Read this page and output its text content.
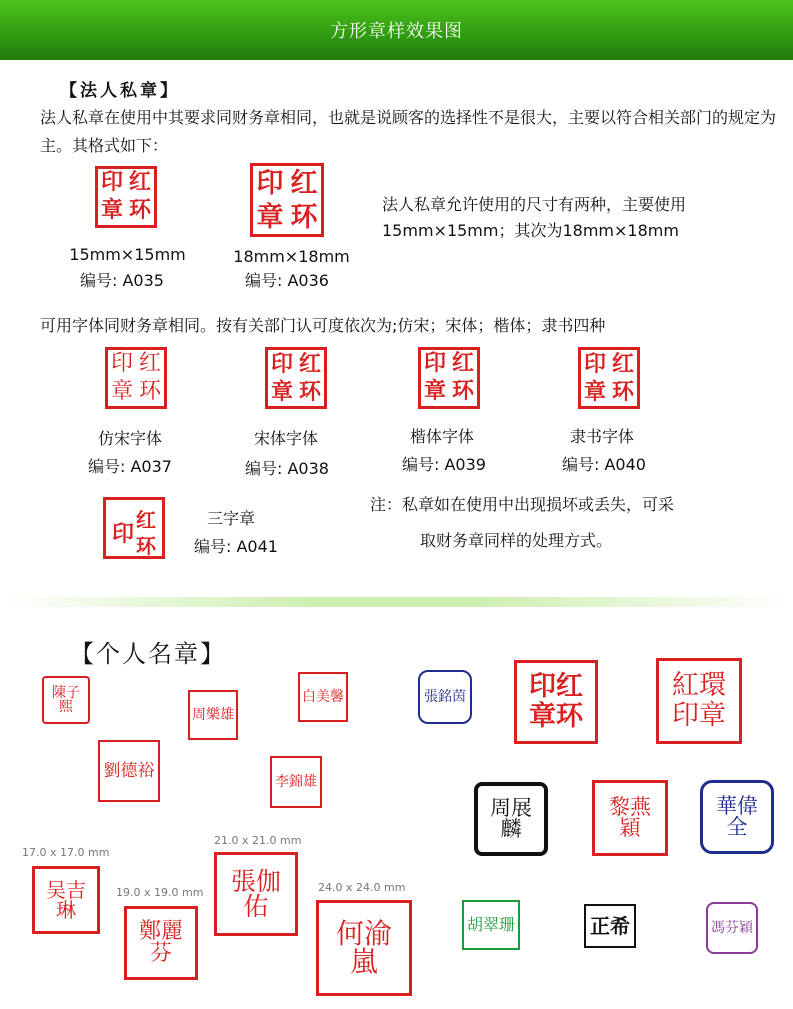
方形章样效果图
【法人私章】
法人私章在使用中其要求同财务章相同，也就是说顾客的选择性不是很大，主要以符合相关部门的规定为主。其格式如下：
印 红
章 环
15mm×15mm
编号: A035
印 红
章 环
18mm×18mm
编号: A036
法人私章允许使用的尺寸有两种，主要使用
15mm×15mm；其次为18mm×18mm
可用字体同财务章相同。按有关部门认可度依次为;仿宋；宋体；楷体；隶书四种
印 红
章 环
仿宋字体
编号: A037
印 红
章 环
宋体字体
编号: A038
印 红
章 环
楷体字体
编号: A039
印 红
章 环
隶书字体
编号: A040
印
红
环
三字章
编号: A041
注：私章如在使用中出现损坏或丢失，可采
取财务章同样的处理方式。
【个人名章】
陳子熙	周樂雄
白美馨	張銘茵	印红章环
紅環印章
劉德裕
李錦雄
周展麟
黎燕穎
華偉全
17.0 x 17.0 mm
吴吉琳
19.0 x 19.0 mm
鄭麗芬
21.0 x 21.0 mm
張伽佑
24.0 x 24.0 mm
何渝嵐
胡翠珊	正希	馮芬穎
